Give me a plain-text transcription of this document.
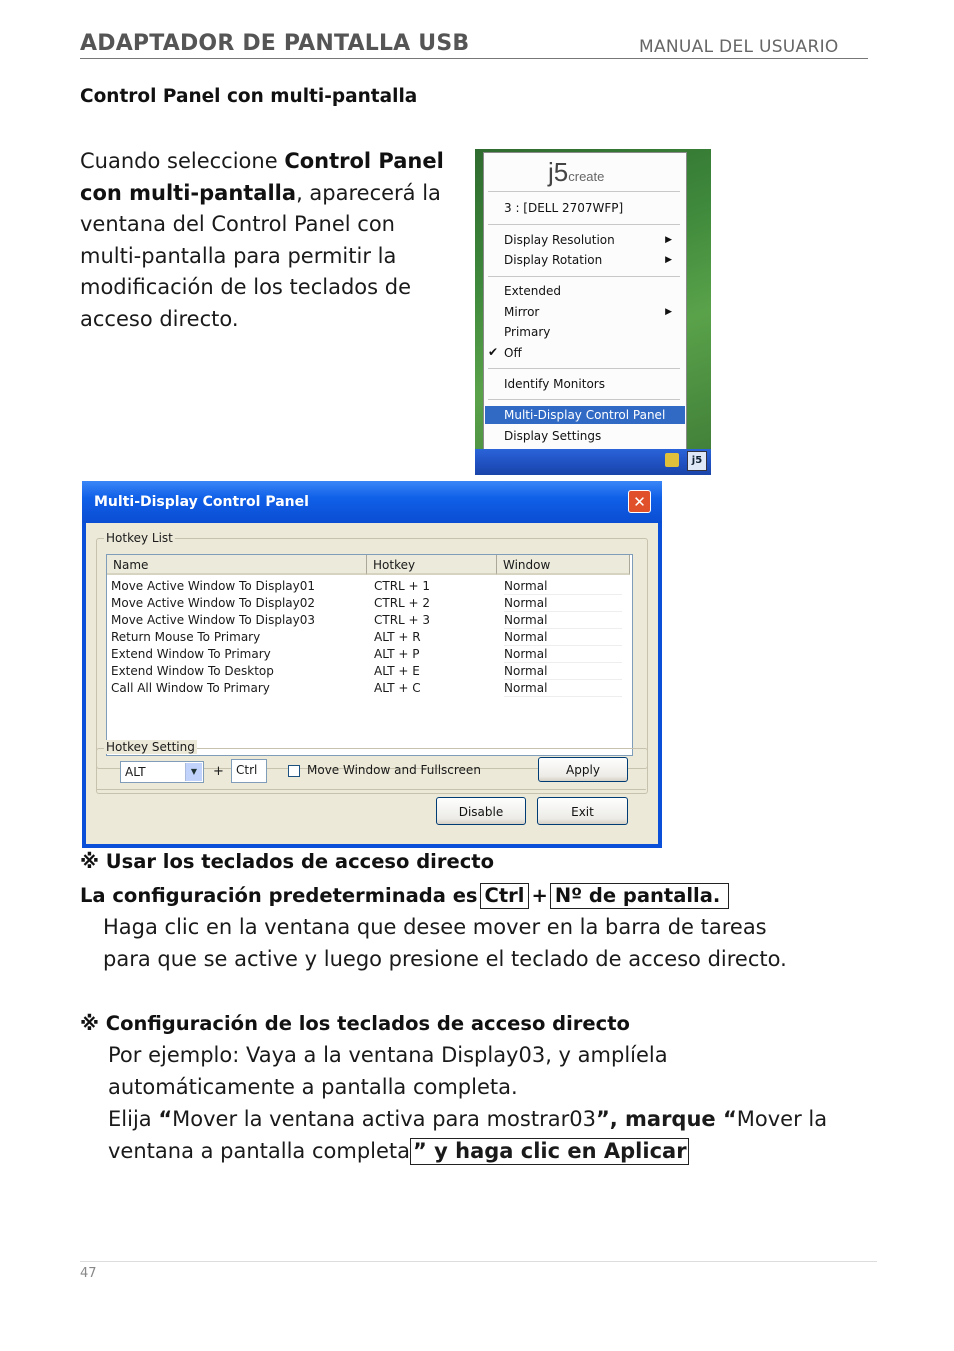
ADAPTADOR DE PANTALLA USB	MANUAL DEL USUARIO
Control Panel con multi-pantalla
Cuando seleccione Control Panel con multi-pantalla, aparecerá la ventana del Control Panel con multi-pantalla para permitir la modificación de los teclados de acceso directo.
j5create
3 : [DELL 2707WFP]
Display Resolution	▶
Display Rotation	▶
Extended
Mirror	▶
Primary
Off
✔
Identify Monitors
Multi-Display Control Panel
Display Settings
j5
Multi-Display Control Panel	✕
Hotkey List
Name	Hotkey	Window
Move Active Window To Display01	CTRL + 1	Normal
Move Active Window To Display02	CTRL + 2	Normal
Move Active Window To Display03	CTRL + 3	Normal
Return Mouse To Primary	ALT + R	Normal
Extend Window To Primary	ALT + P	Normal
Extend Window To Desktop	ALT + E	Normal
Call All Window To Primary	ALT + C	Normal
Hotkey Setting
ALT	▼	+	Ctrl	Move Window and Fullscreen	Apply
Disable	Exit
※ Usar los teclados de acceso directo
La configuración predeterminada es Ctrl + Nº de pantalla.
Haga clic en la ventana que desee mover en la barra de tareas
para que se active y luego presione el teclado de acceso directo.
※ Configuración de los teclados de acceso directo
Por ejemplo: Vaya a la ventana Display03, y amplíela
automáticamente a pantalla completa.
Elija “Mover la ventana activa para mostrar03”, marque “Mover la
ventana a pantalla completa ” y haga clic en Aplicar
47
